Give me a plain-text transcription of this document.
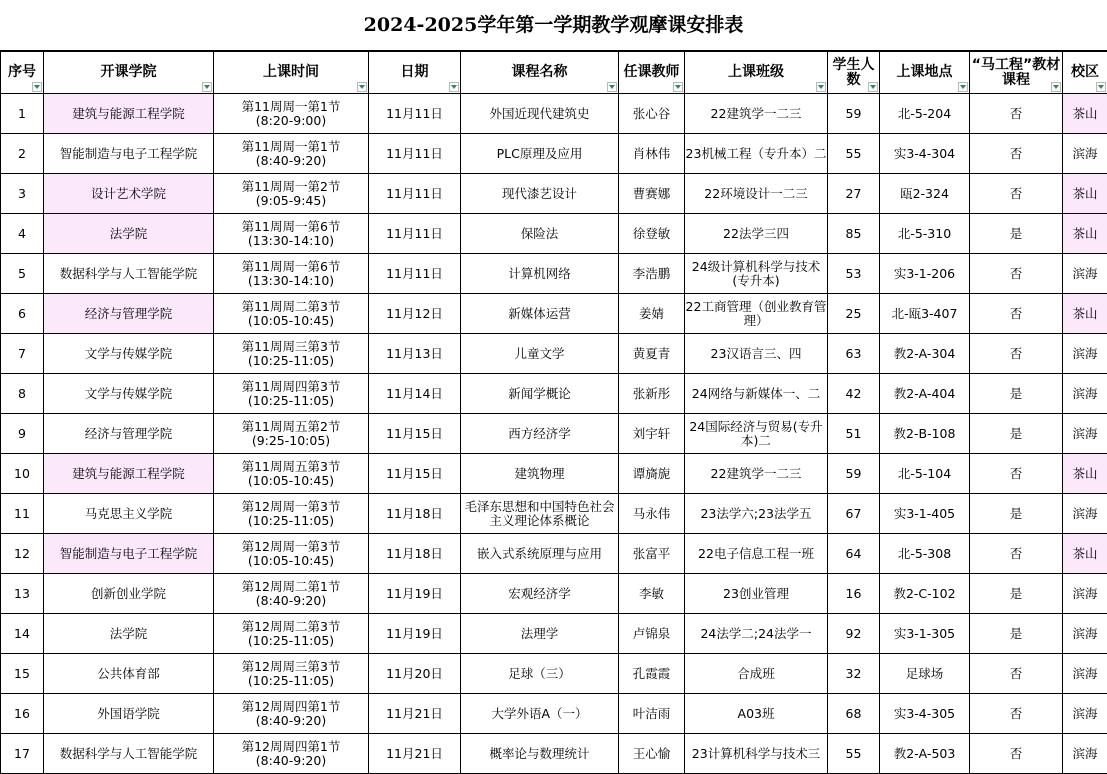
2024-2025学年第一学期教学观摩课安排表
序号	开课学院	上课时间	日期	课程名称	任课教师	上课班级	学生人数	上课地点	“马工程”教材课程	校区

1	建筑与能源工程学院	第11周周一第1节
(8:20-9:00)	11月11日	外国近现代建筑史	张心谷	22建筑学一二三	59	北-5-204	否	茶山
2	智能制造与电子工程学院	第11周周一第1节
(8:40-9:20)	11月11日	PLC原理及应用	肖林伟	23机械工程（专升本）二	55	实3-4-304	否	滨海
3	设计艺术学院	第11周周一第2节
(9:05-9:45)	11月11日	现代漆艺设计	曹赛娜	22环境设计一二三	27	瓯2-324	否	茶山
4	法学院	第11周周一第6节
(13:30-14:10)	11月11日	保险法	徐登敏	22法学三四	85	北-5-310	是	茶山
5	数据科学与人工智能学院	第11周周一第6节
(13:30-14:10)	11月11日	计算机网络	李浩鹏	24级计算机科学与技术(专升本)	53	实3-1-206	否	滨海
6	经济与管理学院	第11周周二第3节
(10:05-10:45)	11月12日	新媒体运营	姜婧	22工商管理（创业教育管理）	25	北-瓯3-407	否	茶山
7	文学与传媒学院	第11周周三第3节
(10:25-11:05)	11月13日	儿童文学	黄夏青	23汉语言三、四	63	教2-A-304	否	滨海
8	文学与传媒学院	第11周周四第3节
(10:25-11:05)	11月14日	新闻学概论	张新彤	24网络与新媒体一、二	42	教2-A-404	是	滨海
9	经济与管理学院	第11周周五第2节
(9:25-10:05)	11月15日	西方经济学	刘宇轩	24国际经济与贸易(专升本)二	51	教2-B-108	是	滨海
10	建筑与能源工程学院	第11周周五第3节
(10:05-10:45)	11月15日	建筑物理	谭旖旎	22建筑学一二三	59	北-5-104	否	茶山
11	马克思主义学院	第12周周一第3节
(10:25-11:05)	11月18日	毛泽东思想和中国特色社会主义理论体系概论	马永伟	23法学六;23法学五	67	实3-1-405	是	滨海
12	智能制造与电子工程学院	第12周周一第3节
(10:05-10:45)	11月18日	嵌入式系统原理与应用	张富平	22电子信息工程一班	64	北-5-308	否	茶山
13	创新创业学院	第12周周二第1节
(8:40-9:20)	11月19日	宏观经济学	李敏	23创业管理	16	教2-C-102	是	滨海
14	法学院	第12周周二第3节
(10:25-11:05)	11月19日	法理学	卢锦泉	24法学二;24法学一	92	实3-1-305	是	滨海
15	公共体育部	第12周周三第3节
(10:25-11:05)	11月20日	足球（三）	孔霞霞	合成班	32	足球场	否	滨海
16	外国语学院	第12周周四第1节
(8:40-9:20)	11月21日	大学外语A（一）	叶洁雨	A03班	68	实3-4-305	否	滨海
17	数据科学与人工智能学院	第12周周四第1节
(8:40-9:20)	11月21日	概率论与数理统计	王心愉	23计算机科学与技术三	55	教2-A-503	否	滨海
